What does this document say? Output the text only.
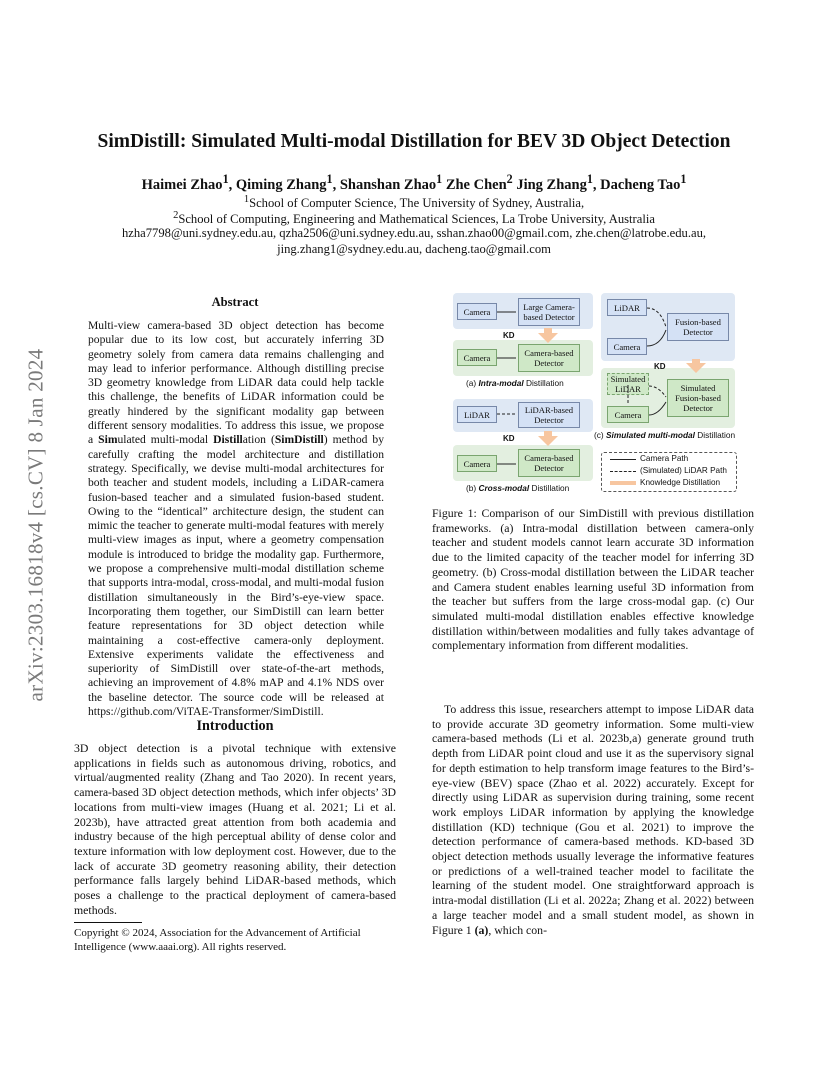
arXiv:2303.16818v4 [cs.CV] 8 Jan 2024
SimDistill: Simulated Multi-modal Distillation for BEV 3D Object Detection
Haimei Zhao$^1$, Qiming Zhang$^1$, Shanshan Zhao$^1$ Zhe Chen$^2$ Jing Zhang$^1$, Dacheng Tao$^1$
$^1$School of Computer Science, The University of Sydney, Australia,
$^2$School of Computing, Engineering and Mathematical Sciences, La Trobe University, Australia
hzha7798@uni.sydney.edu.au, qzha2506@uni.sydney.edu.au, sshan.zhao00@gmail.com, zhe.chen@latrobe.edu.au,
jing.zhang1@sydney.edu.au, dacheng.tao@gmail.com
Abstract
Multi-view camera-based 3D object detection has become popular due to its low cost, but accurately inferring 3D geometry solely from camera data remains challenging and may lead to inferior performance. Although distilling precise 3D geometry knowledge from LiDAR data could help tackle this challenge, the benefits of LiDAR information could be greatly hindered by the significant modality gap between different sensory modalities. To address this issue, we propose a Simulated multi-modal Distillation (SimDistill) method by carefully crafting the model architecture and distillation strategy. Specifically, we devise multi-modal architectures for both teacher and student models, including a LiDAR-camera fusion-based teacher and a simulated fusion-based student. Owing to the “identical” architecture design, the student can mimic the teacher to generate multi-modal features with merely multi-view images as input, where a geometry compensation module is introduced to bridge the modality gap. Furthermore, we propose a comprehensive multi-modal distillation scheme that supports intra-modal, cross-modal, and multi-modal fusion distillation simultaneously in the Bird’s-eye-view space. Incorporating them together, our SimDistill can learn better feature representations for 3D object detection while maintaining a cost-effective camera-only deployment. Extensive experiments validate the effectiveness and superiority of SimDistill over state-of-the-art methods, achieving an improvement of 4.8% mAP and 4.1% NDS over the baseline detector. The source code will be released at https://github.com/ViTAE-Transformer/SimDistill.
Introduction
3D object detection is a pivotal technique with extensive applications in fields such as autonomous driving, robotics, and virtual/augmented reality (Zhang and Tao 2020). In recent years, camera-based 3D object detection methods, which infer objects’ 3D locations from multi-view images (Huang et al. 2021; Li et al. 2023b), have attracted great attention from both academia and industry because of the high perceptual ability of dense color and texture information with low deployment cost. However, due to the lack of accurate 3D geometry reasoning ability, their detection performance falls largely behind LiDAR-based methods, which poses a challenge to the practical deployment of camera-based methods.
Copyright © 2024, Association for the Advancement of Artificial Intelligence (www.aaai.org). All rights reserved.
Camera	Large Camera-based Detector
Camera	Camera-based Detector
KD
(a) Intra-modal Distillation
LiDAR	LiDAR-based Detector
Camera
Camera-based Detector
KD
(b) Cross-modal Distillation
LiDAR
Camera
Fusion-based Detector
Simulated LiDAR
Camera
Simulated Fusion-based Detector
KD
(c) Simulated multi-modal Distillation
Camera Path
(Simulated) LiDAR Path
Knowledge Distillation
Figure 1: Comparison of our SimDistill with previous distillation frameworks. (a) Intra-modal distillation between camera-only teacher and student models cannot learn accurate 3D information due to the limited capacity of the teacher model for inferring 3D geometry. (b) Cross-modal distillation between the LiDAR teacher and Camera student enables learning useful 3D information from the teacher but suffers from the large cross-modal gap. (c) Our simulated multi-modal distillation enables effective knowledge distillation within/between modalities and fully takes advantage of complementary information from different modalities.
To address this issue, researchers attempt to impose LiDAR data to provide accurate 3D geometry information. Some multi-view camera-based methods (Li et al. 2023b,a) generate ground truth depth from LiDAR point cloud and use it as the supervisory signal for depth estimation to help transform image features to the Bird’s-eye-view (BEV) space (Zhao et al. 2022) accurately. Except for directly using LiDAR as supervision during training, some recent work employs LiDAR information by applying the knowledge distillation (KD) technique (Gou et al. 2021) to improve the detection performance of camera-based methods. KD-based 3D object detection methods usually leverage the informative features or predictions of a well-trained teacher model to facilitate the learning of the student model. One straightforward approach is intra-modal distillation (Li et al. 2022a; Zhang et al. 2022) between a large teacher model and a small student model, as shown in Figure 1 (a), which con-
